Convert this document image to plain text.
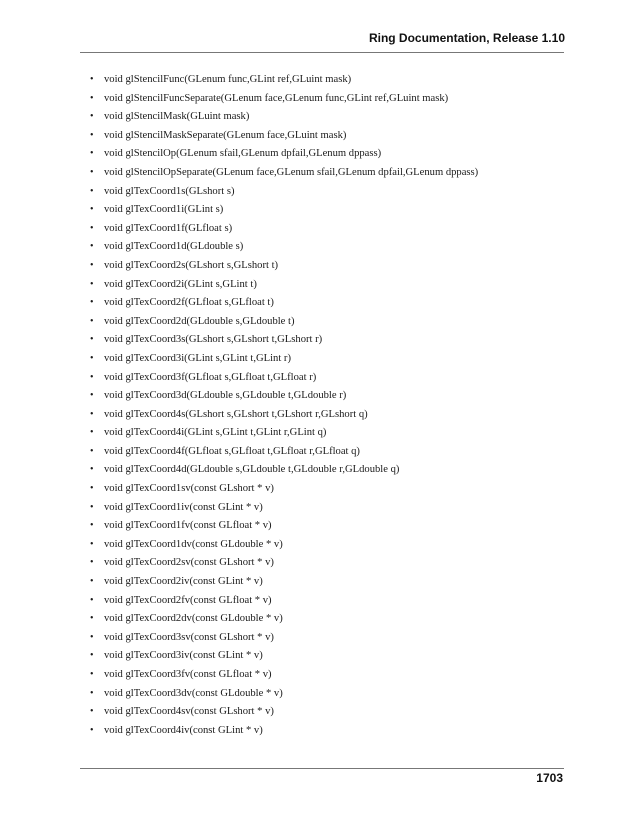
Ring Documentation, Release 1.10
• void glStencilFunc(GLenum func,GLint ref,GLuint mask)
• void glStencilFuncSeparate(GLenum face,GLenum func,GLint ref,GLuint mask)
• void glStencilMask(GLuint mask)
• void glStencilMaskSeparate(GLenum face,GLuint mask)
• void glStencilOp(GLenum sfail,GLenum dpfail,GLenum dppass)
• void glStencilOpSeparate(GLenum face,GLenum sfail,GLenum dpfail,GLenum dppass)
• void glTexCoord1s(GLshort s)
• void glTexCoord1i(GLint s)
• void glTexCoord1f(GLfloat s)
• void glTexCoord1d(GLdouble s)
• void glTexCoord2s(GLshort s,GLshort t)
• void glTexCoord2i(GLint s,GLint t)
• void glTexCoord2f(GLfloat s,GLfloat t)
• void glTexCoord2d(GLdouble s,GLdouble t)
• void glTexCoord3s(GLshort s,GLshort t,GLshort r)
• void glTexCoord3i(GLint s,GLint t,GLint r)
• void glTexCoord3f(GLfloat s,GLfloat t,GLfloat r)
• void glTexCoord3d(GLdouble s,GLdouble t,GLdouble r)
• void glTexCoord4s(GLshort s,GLshort t,GLshort r,GLshort q)
• void glTexCoord4i(GLint s,GLint t,GLint r,GLint q)
• void glTexCoord4f(GLfloat s,GLfloat t,GLfloat r,GLfloat q)
• void glTexCoord4d(GLdouble s,GLdouble t,GLdouble r,GLdouble q)
• void glTexCoord1sv(const GLshort * v)
• void glTexCoord1iv(const GLint * v)
• void glTexCoord1fv(const GLfloat * v)
• void glTexCoord1dv(const GLdouble * v)
• void glTexCoord2sv(const GLshort * v)
• void glTexCoord2iv(const GLint * v)
• void glTexCoord2fv(const GLfloat * v)
• void glTexCoord2dv(const GLdouble * v)
• void glTexCoord3sv(const GLshort * v)
• void glTexCoord3iv(const GLint * v)
• void glTexCoord3fv(const GLfloat * v)
• void glTexCoord3dv(const GLdouble * v)
• void glTexCoord4sv(const GLshort * v)
• void glTexCoord4iv(const GLint * v)
1703
